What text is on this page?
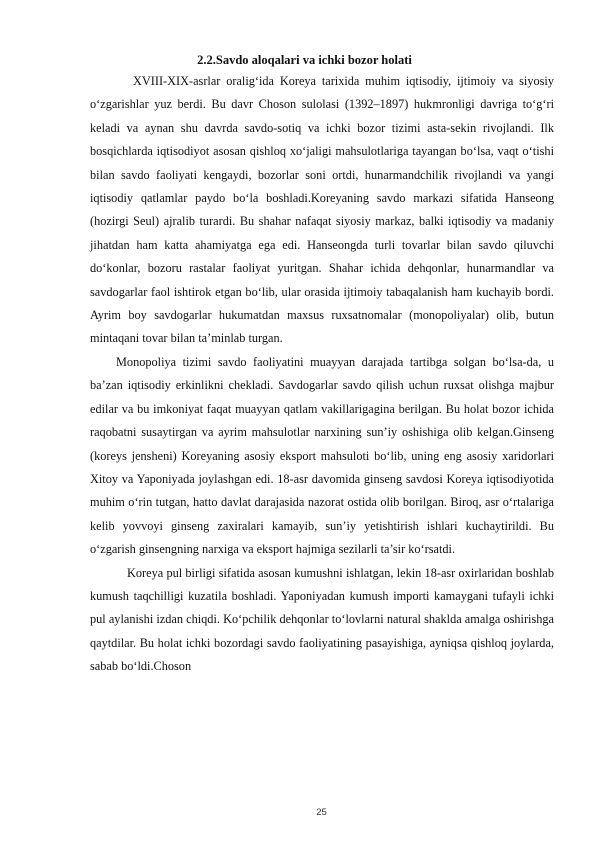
2.2.Savdo aloqalari va ichki bozor holati

XVIII-XIX-asrlar oralig‘ida Koreya tarixida muhim iqtisodiy, ijtimoiy va siyosiy o‘zgarishlar yuz berdi. Bu davr Choson sulolasi (1392–1897) hukmronligi davriga to‘g‘ri keladi va aynan shu davrda savdo-sotiq va ichki bozor tizimi asta-sekin rivojlandi. Ilk bosqichlarda iqtisodiyot asosan qishloq xo‘jaligi mahsulotlariga tayangan bo‘lsa, vaqt o‘tishi bilan savdo faoliyati kengaydi, bozorlar soni ortdi, hunarmandchilik rivojlandi va yangi iqtisodiy qatlamlar paydo bo‘la boshladi.Koreyaning savdo markazi sifatida Hanseong (hozirgi Seul) ajralib turardi. Bu shahar nafaqat siyosiy markaz, balki iqtisodiy va madaniy jihatdan ham katta ahamiyatga ega edi. Hanseongda turli tovarlar bilan savdo qiluvchi do‘konlar, bozoru rastalar faoliyat yuritgan. Shahar ichida dehqonlar, hunarmandlar va savdogarlar faol ishtirok etgan bo‘lib, ular orasida ijtimoiy tabaqalanish ham kuchayib bordi. Ayrim boy savdogarlar hukumatdan maxsus ruxsatnomalar (monopoliyalar) olib, butun mintaqani tovar bilan ta’minlab turgan.
Monopoliya tizimi savdo faoliyatini muayyan darajada tartibga solgan bo‘lsa-da, u ba’zan iqtisodiy erkinlikni chekladi. Savdogarlar savdo qilish uchun ruxsat olishga majbur edilar va bu imkoniyat faqat muayyan qatlam vakillarigagina berilgan. Bu holat bozor ichida raqobatni susaytirgan va ayrim mahsulotlar narxining sun’iy oshishiga olib kelgan.Ginseng (koreys jensheni) Koreyaning asosiy eksport mahsuloti bo‘lib, uning eng asosiy xaridorlari Xitoy va Yaponiyada joylashgan edi. 18-asr davomida ginseng savdosi Koreya iqtisodiyotida muhim o‘rin tutgan, hatto davlat darajasida nazorat ostida olib borilgan. Biroq, asr o‘rtalariga kelib yovvoyi ginseng zaxiralari kamayib, sun’iy yetishtirish ishlari kuchaytirildi. Bu o‘zgarish ginsengning narxiga va eksport hajmiga sezilarli ta’sir ko‘rsatdi.

Koreya pul birligi sifatida asosan kumushni ishlatgan, lekin 18-asr oxirlaridan boshlab kumush taqchilligi kuzatila boshladi. Yaponiyadan kumush importi kamaygani tufayli ichki pul aylanishi izdan chiqdi. Ko‘pchilik dehqonlar to‘lovlarni natural shaklda amalga oshirishga qaytdilar. Bu holat ichki bozordagi savdo faoliyatining pasayishiga, ayniqsa qishloq joylarda, sabab bo‘ldi.Choson

25
